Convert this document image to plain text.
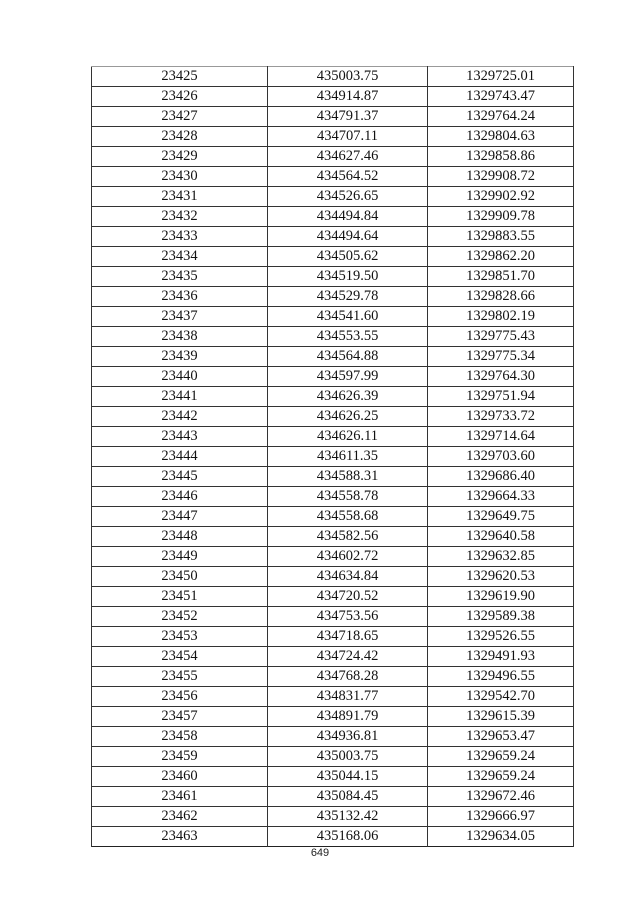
23425	435003.75	1329725.01
23426	434914.87	1329743.47
23427	434791.37	1329764.24
23428	434707.11	1329804.63
23429	434627.46	1329858.86
23430	434564.52	1329908.72
23431	434526.65	1329902.92
23432	434494.84	1329909.78
23433	434494.64	1329883.55
23434	434505.62	1329862.20
23435	434519.50	1329851.70
23436	434529.78	1329828.66
23437	434541.60	1329802.19
23438	434553.55	1329775.43
23439	434564.88	1329775.34
23440	434597.99	1329764.30
23441	434626.39	1329751.94
23442	434626.25	1329733.72
23443	434626.11	1329714.64
23444	434611.35	1329703.60
23445	434588.31	1329686.40
23446	434558.78	1329664.33
23447	434558.68	1329649.75
23448	434582.56	1329640.58
23449	434602.72	1329632.85
23450	434634.84	1329620.53
23451	434720.52	1329619.90
23452	434753.56	1329589.38
23453	434718.65	1329526.55
23454	434724.42	1329491.93
23455	434768.28	1329496.55
23456	434831.77	1329542.70
23457	434891.79	1329615.39
23458	434936.81	1329653.47
23459	435003.75	1329659.24
23460	435044.15	1329659.24
23461	435084.45	1329672.46
23462	435132.42	1329666.97
23463	435168.06	1329634.05
649
